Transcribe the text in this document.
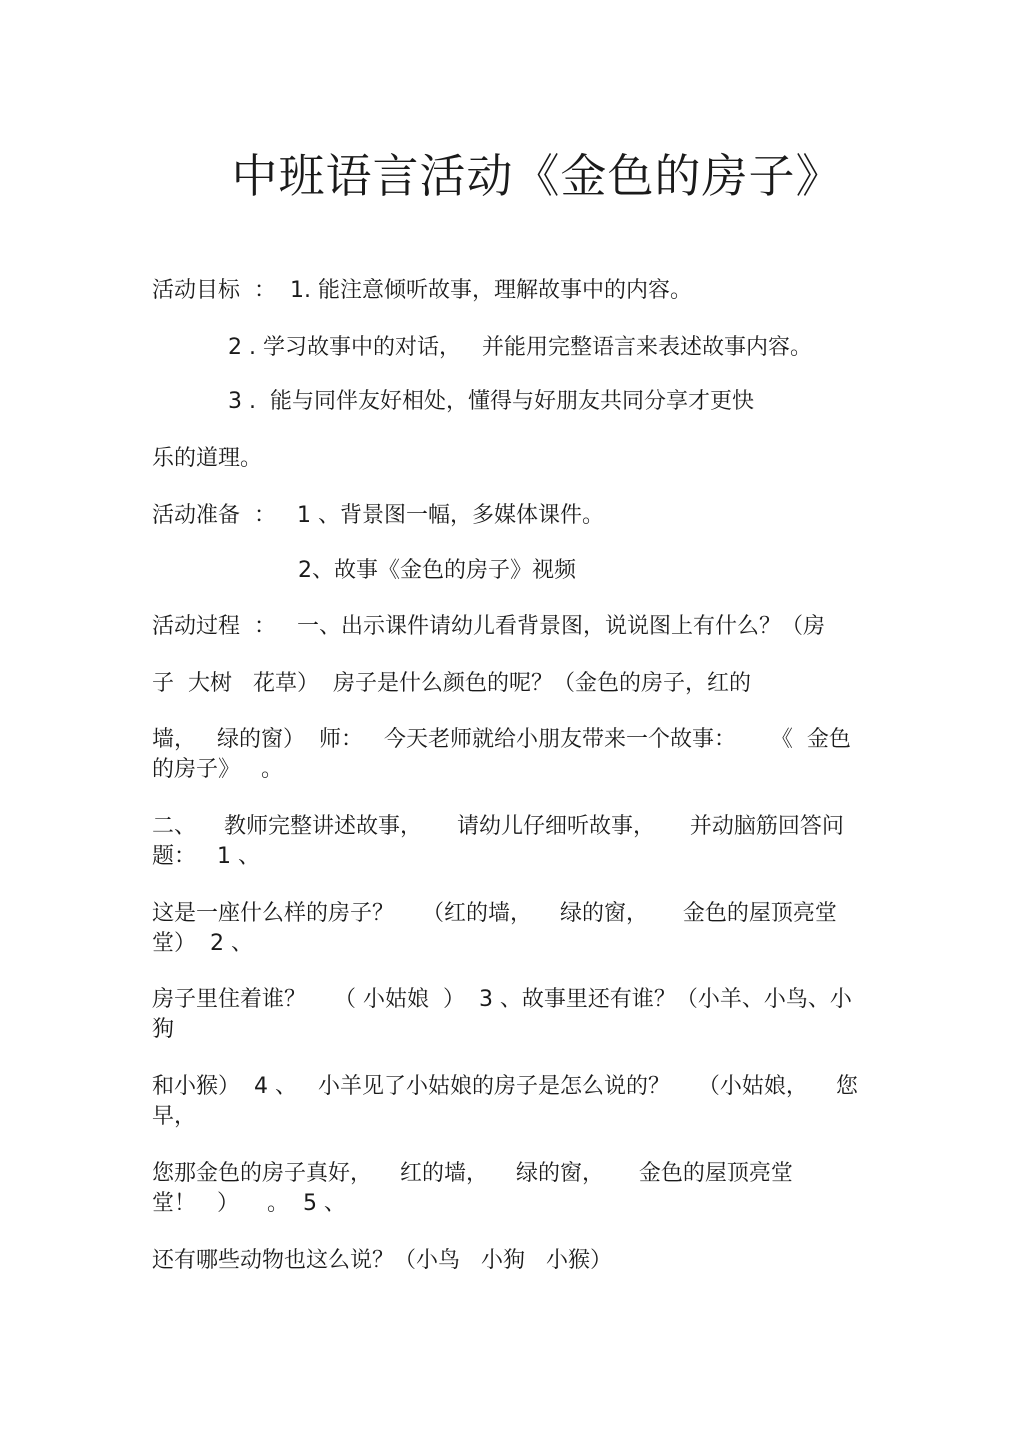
中班语言活动《金色的房子》
活动目标  ：  1. 能注意倾听故事，理解故事中的内容。
2 . 学习故事中的对话，   并能用完整语言来表述故事内容。
3 .  能与同伴友好相处，懂得与好朋友共同分享才更快
乐的道理。
活动准备  ：   1 、背景图一幅，多媒体课件。
2、故事《金色的房子》视频
活动过程  ：   一、出示课件请幼儿看背景图，说说图上有什么？（房
子  大树   花草）  房子是什么颜色的呢？（金色的房子，红的
墙，   绿的窗）  师：   今天老师就给小朋友带来一个故事：     《  金色
的房子》   。
二、    教师完整讲述故事，     请幼儿仔细听故事，     并动脑筋回答问
题：   1 、
这是一座什么样的房子？    （红的墙，    绿的窗，     金色的屋顶亮堂
堂）  2 、
房子里住着谁？    （ 小姑娘  ）  3 、故事里还有谁？（小羊、小鸟、小
狗
和小猴）  4 、   小羊见了小姑娘的房子是怎么说的？    （小姑娘，    您
早，
您那金色的房子真好，    红的墙，    绿的窗，     金色的屋顶亮堂
堂！   ）    。  5 、
还有哪些动物也这么说？（小鸟   小狗   小猴）
